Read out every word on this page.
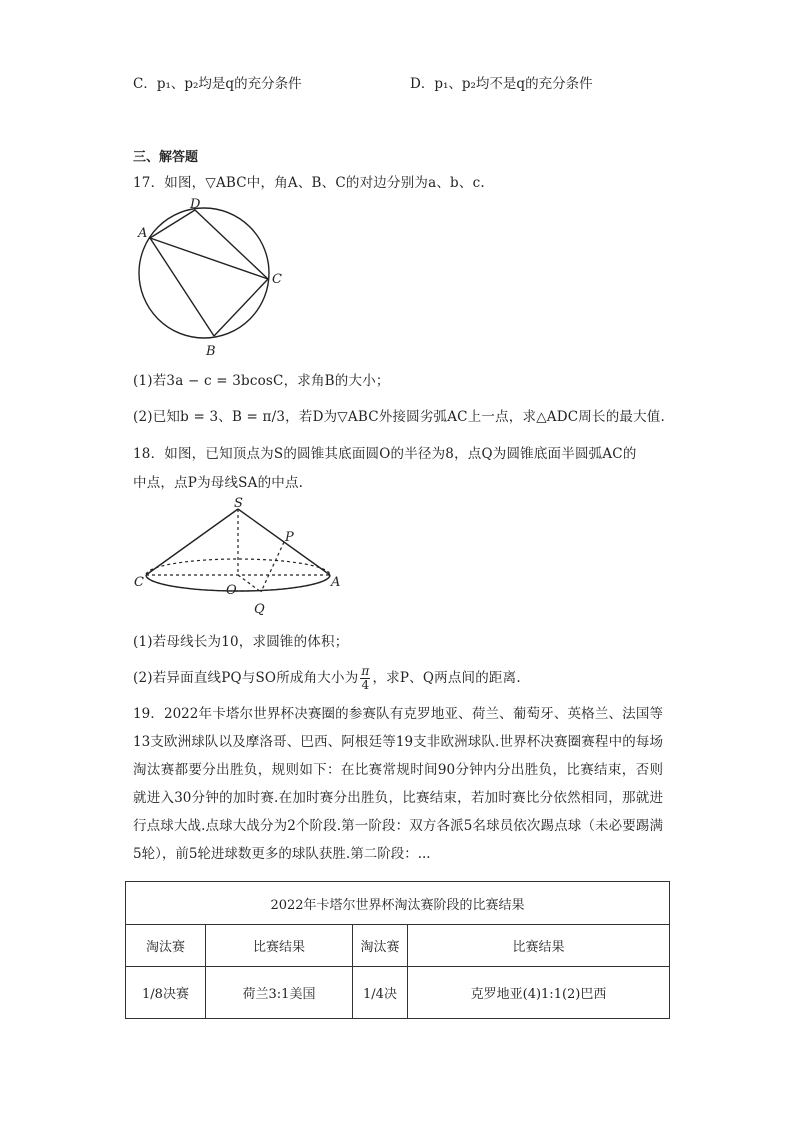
C．p₁、p₂均是q的充分条件	D．p₁、p₂均不是q的充分条件
三、解答题
17．如图，▽ABC中，角A、B、C的对边分别为a、b、c.
D
A
C
B
(1)若3a − c = 3bcosC，求角B的大小；
(2)已知b = 3、B = π/3，若D为▽ABC外接圆劣弧AC上一点，求△ADC周长的最大值.
18．如图，已知顶点为S的圆锥其底面圆O的半径为8，点Q为圆锥底面半圆弧AC的
中点，点P为母线SA的中点.
S
P
C
O
A
Q
(1)若母线长为10，求圆锥的体积；
(2)若异面直线PQ与SO所成角大小为 $\frac{\pi}{4}$ ，求P、Q两点间的距离.
19．2022年卡塔尔世界杯决赛圈的参赛队有克罗地亚、荷兰、葡萄牙、英格兰、法国等13支欧洲球队以及摩洛哥、巴西、阿根廷等19支非欧洲球队.世界杯决赛圈赛程中的每场淘汰赛都要分出胜负，规则如下：在比赛常规时间90分钟内分出胜负，比赛结束，否则就进入30分钟的加时赛.在加时赛分出胜负，比赛结束，若加时赛比分依然相同，那就进行点球大战.点球大战分为2个阶段.第一阶段：双方各派5名球员依次踢点球（未必要踢满5轮），前5轮进球数更多的球队获胜.第二阶段：...
2022年卡塔尔世界杯淘汰赛阶段的比赛结果			
淘汰赛	比赛结果	淘汰赛	比赛结果
1/8决赛	荷兰3:1美国	1/4决	克罗地亚(4)1:1(2)巴西
